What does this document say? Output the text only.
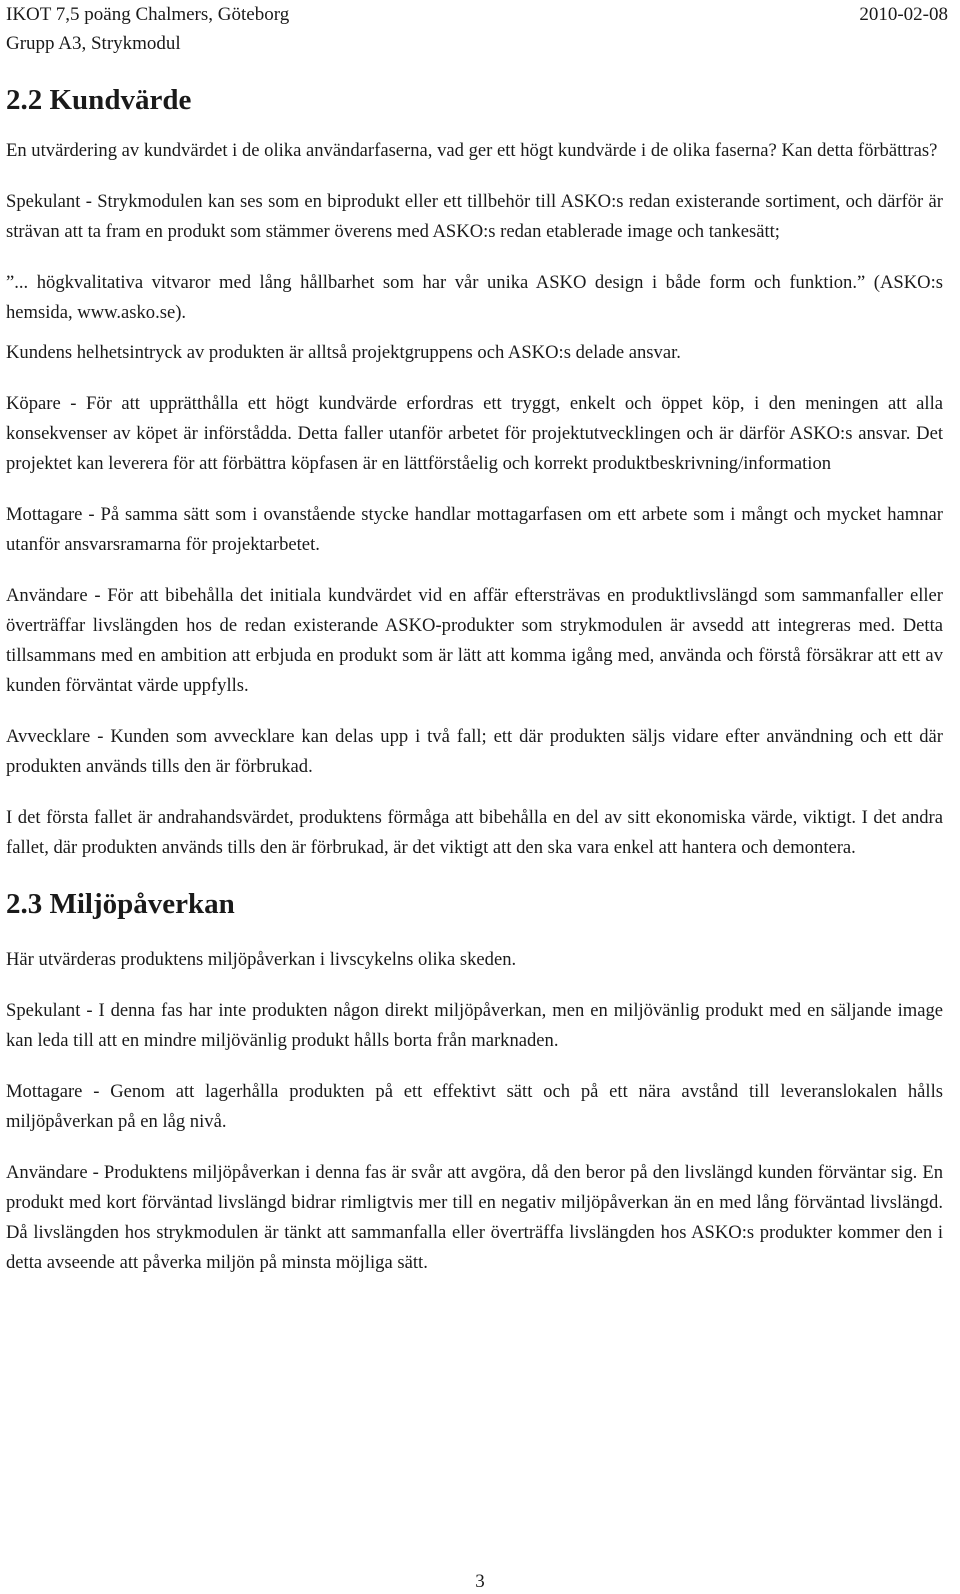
IKOT 7,5 poäng Chalmers, Göteborg	2010-02-08
Grupp A3, Strykmodul
2.2 Kundvärde

En utvärdering av kundvärdet i de olika användarfaserna, vad ger ett högt kundvärde i de olika faserna? Kan detta förbättras?

Spekulant - Strykmodulen kan ses som en biprodukt eller ett tillbehör till ASKO:s redan existerande sortiment, och därför är strävan att ta fram en produkt som stämmer överens med ASKO:s redan etablerade image och tankesätt;

”... högkvalitativa vitvaror med lång hållbarhet som har vår unika ASKO design i både form och funktion.” (ASKO:s hemsida, www.asko.se).

Kundens helhetsintryck av produkten är alltså projektgruppens och ASKO:s delade ansvar.

Köpare - För att upprätthålla ett högt kundvärde erfordras ett tryggt, enkelt och öppet köp, i den meningen att alla konsekvenser av köpet är införstådda. Detta faller utanför arbetet för projektutvecklingen och är därför ASKO:s ansvar. Det projektet kan leverera för att förbättra köpfasen är en lättförståelig och korrekt produktbeskrivning/information

Mottagare - På samma sätt som i ovanstående stycke handlar mottagarfasen om ett arbete som i mångt och mycket hamnar utanför ansvarsramarna för projektarbetet.

Användare - För att bibehålla det initiala kundvärdet vid en affär eftersträvas en produktlivslängd som sammanfaller eller överträffar livslängden hos de redan existerande ASKO-produkter som strykmodulen är avsedd att integreras med. Detta tillsammans med en ambition att erbjuda en produkt som är lätt att komma igång med, använda och förstå försäkrar att ett av kunden förväntat värde uppfylls.

Avvecklare - Kunden som avvecklare kan delas upp i två fall; ett där produkten säljs vidare efter användning och ett där produkten används tills den är förbrukad.

I det första fallet är andrahandsvärdet, produktens förmåga att bibehålla en del av sitt ekonomiska värde, viktigt. I det andra fallet, där produkten används tills den är förbrukad, är det viktigt att den ska vara enkel att hantera och demontera.

2.3 Miljöpåverkan

Här utvärderas produktens miljöpåverkan i livscykelns olika skeden.

Spekulant - I denna fas har inte produkten någon direkt miljöpåverkan, men en miljövänlig produkt med en säljande image kan leda till att en mindre miljövänlig produkt hålls borta från marknaden.

Mottagare - Genom att lagerhålla produkten på ett effektivt sätt och på ett nära avstånd till leveranslokalen hålls miljöpåverkan på en låg nivå.

Användare - Produktens miljöpåverkan i denna fas är svår att avgöra, då den beror på den livslängd kunden förväntar sig. En produkt med kort förväntad livslängd bidrar rimligtvis mer till en negativ miljöpåverkan än en med lång förväntad livslängd. Då livslängden hos strykmodulen är tänkt att sammanfalla eller överträffa livslängden hos ASKO:s produkter kommer den i detta avseende att påverka miljön på minsta möjliga sätt.

3
